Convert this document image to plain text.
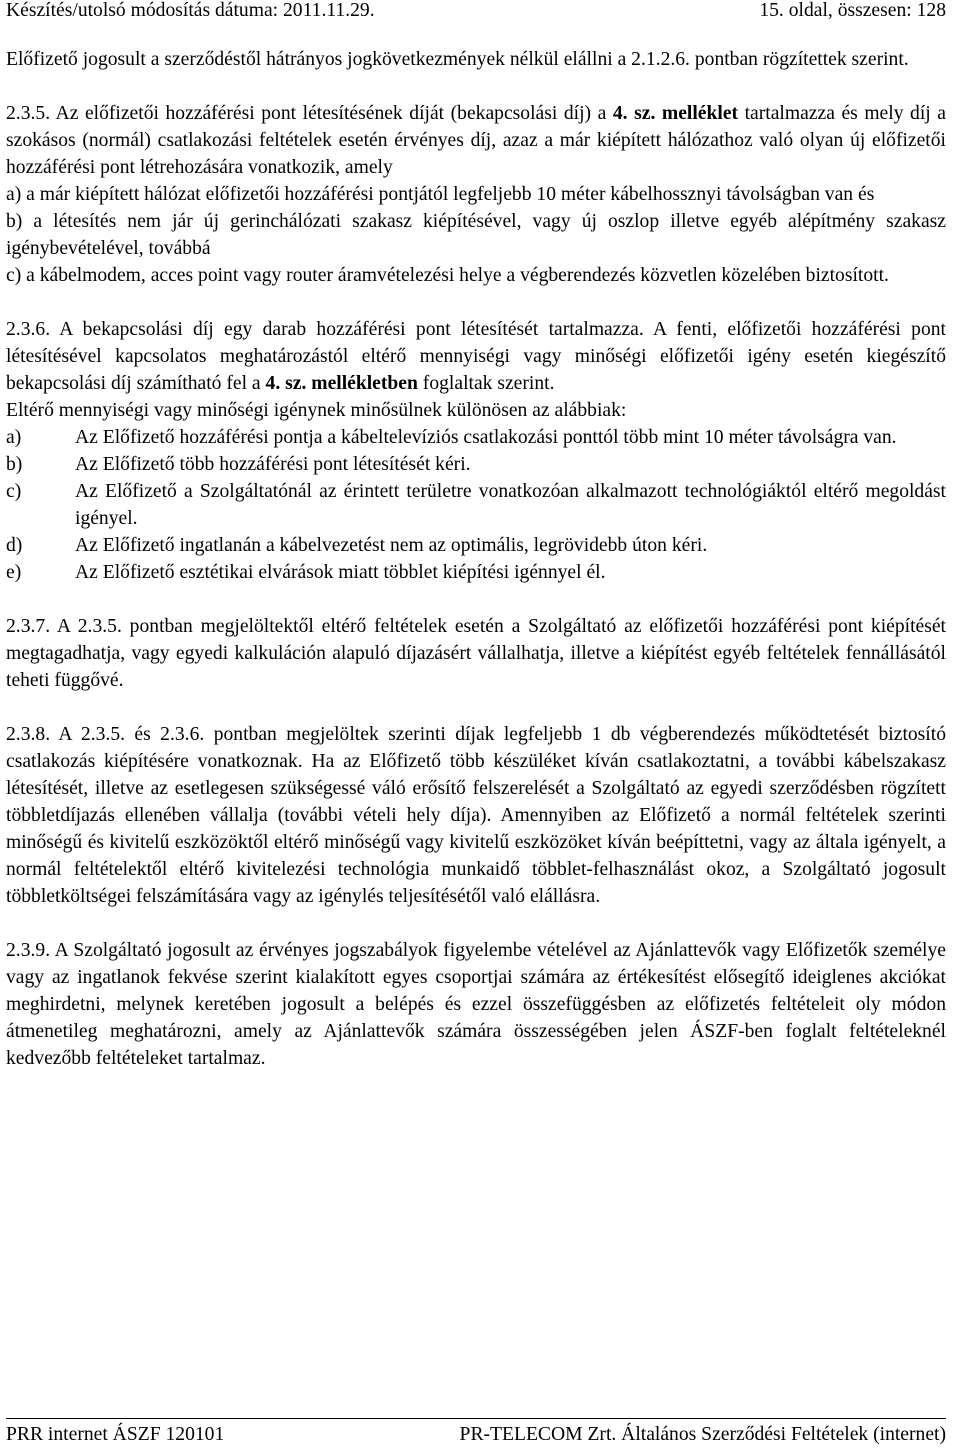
Készítés/utolsó módosítás dátuma: 2011.11.29.	15. oldal, összesen: 128

Előfizető jogosult a szerződéstől hátrányos jogkövetkezmények nélkül elállni a 2.1.2.6. pontban rögzítettek szerint.

2.3.5. Az előfizetői hozzáférési pont létesítésének díját (bekapcsolási díj) a 4. sz. melléklet tartalmazza és mely díj a szokásos (normál) csatlakozási feltételek esetén érvényes díj, azaz a már kiépített hálózathoz való olyan új előfizetői hozzáférési pont létrehozására vonatkozik, amely

a) a már kiépített hálózat előfizetői hozzáférési pontjától legfeljebb 10 méter kábelhossznyi távolságban van és

b) a létesítés nem jár új gerinchálózati szakasz kiépítésével, vagy új oszlop illetve egyéb alépítmény szakasz igénybevételével, továbbá

c) a kábelmodem, acces point vagy router áramvételezési helye a végberendezés közvetlen közelében biztosított.

2.3.6. A bekapcsolási díj egy darab hozzáférési pont létesítését tartalmazza. A fenti, előfizetői hozzáférési pont létesítésével kapcsolatos meghatározástól eltérő mennyiségi vagy minőségi előfizetői igény esetén kiegészítő bekapcsolási díj számítható fel a 4. sz. mellékletben foglaltak szerint.

Eltérő mennyiségi vagy minőségi igénynek minősülnek különösen az alábbiak:

a)	Az Előfizető hozzáférési pontja a kábeltelevíziós csatlakozási ponttól több mint 10 méter távolságra van.
b)	Az Előfizető több hozzáférési pont létesítését kéri.
c)	Az Előfizető a Szolgáltatónál az érintett területre vonatkozóan alkalmazott technológiáktól eltérő megoldást igényel.
d)	Az Előfizető ingatlanán a kábelvezetést nem az optimális, legrövidebb úton kéri.
e)	Az Előfizető esztétikai elvárások miatt többlet kiépítési igénnyel él.

2.3.7. A 2.3.5. pontban megjelöltektől eltérő feltételek esetén a Szolgáltató az előfizetői hozzáférési pont kiépítését megtagadhatja, vagy egyedi kalkuláción alapuló díjazásért vállalhatja, illetve a kiépítést egyéb feltételek fennállásától teheti függővé.

2.3.8. A 2.3.5. és 2.3.6. pontban megjelöltek szerinti díjak legfeljebb 1 db végberendezés működtetését biztosító csatlakozás kiépítésére vonatkoznak. Ha az Előfizető több készüléket kíván csatlakoztatni, a további kábelszakasz létesítését, illetve az esetlegesen szükségessé váló erősítő felszerelését a Szolgáltató az egyedi szerződésben rögzített többletdíjazás ellenében vállalja (további vételi hely díja). Amennyiben az Előfizető a normál feltételek szerinti minőségű és kivitelű eszközöktől eltérő minőségű vagy kivitelű eszközöket kíván beépíttetni, vagy az általa igényelt, a normál feltételektől eltérő kivitelezési technológia munkaidő többlet-felhasználást okoz, a Szolgáltató jogosult többletköltségei felszámítására vagy az igénylés teljesítésétől való elállásra.

2.3.9. A Szolgáltató jogosult az érvényes jogszabályok figyelembe vételével az Ajánlattevők vagy Előfizetők személye vagy az ingatlanok fekvése szerint kialakított egyes csoportjai számára az értékesítést elősegítő ideiglenes akciókat meghirdetni, melynek keretében jogosult a belépés és ezzel összefüggésben az előfizetés feltételeit oly módon átmenetileg meghatározni, amely az Ajánlattevők számára összességében jelen ÁSZF-ben foglalt feltételeknél kedvezőbb feltételeket tartalmaz.

PRR internet ÁSZF 120101	PR-TELECOM Zrt. Általános Szerződési Feltételek (internet)
